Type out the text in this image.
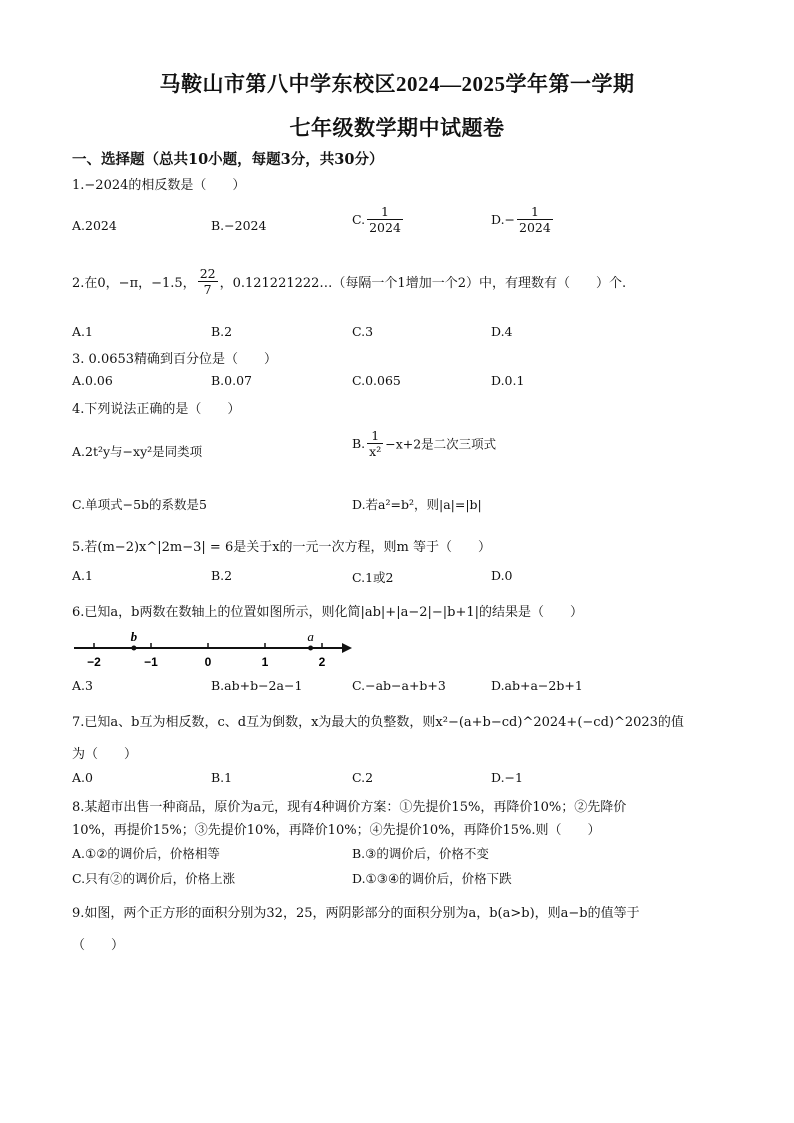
马鞍山市第八中学东校区2024—2025学年第一学期
七年级数学期中试题卷
一、选择题（总共10小题，每题3分，共30分）
1.−2024的相反数是（　　）
A.2024	B.−2024	C. $\frac{1}{2024}$	$D.- \frac{1}{2024}$
2.在0，−π，−1.5， $\frac{22}{7}$ ，0.121221222…（每隔一个1增加一个2）中，有理数有（　　）个.
A.1	B.2	C.3	D.4
3. 0.0653精确到百分位是（　　）
A.0.06	B.0.07	C.0.065	D.0.1
4.下列说法正确的是（　　）
A.2t²y与−xy²是同类项
B. $\frac{1}{\text{x²}} -x+2$是二次三项式
C.单项式−5b的系数是5	D.若a²=b²，则|a|=|b|
5.若(m−2)x^|2m−3| = 6是关于x的一元一次方程，则m 等于（　　）
A.1	B.2	C.1或2	D.0
6.已知a，b两数在数轴上的位置如图所示，则化简|ab|+|a−2|−|b+1|的结果是（　　）
−2	−1	0	1	2
b	a
A.3	B.ab+b−2a−1	C.−ab−a+b+3	D.ab+a−2b+1
7.已知a、b互为相反数，c、d互为倒数，x为最大的负整数，则x²−(a+b−cd)^2024+(−cd)^2023的值
为（　　）
A.0	B.1	C.2	D.−1
8.某超市出售一种商品，原价为a元，现有4种调价方案：①先提价15%，再降价10%；②先降价
10%，再提价15%；③先提价10%，再降价10%；④先提价10%，再降价15%.则（　　）
A.①②的调价后，价格相等	B.③的调价后，价格不变
C.只有②的调价后，价格上涨	D.①③④的调价后，价格下跌
9.如图，两个正方形的面积分别为32，25，两阴影部分的面积分别为a，b(a>b)，则a−b的值等于
（　　）
